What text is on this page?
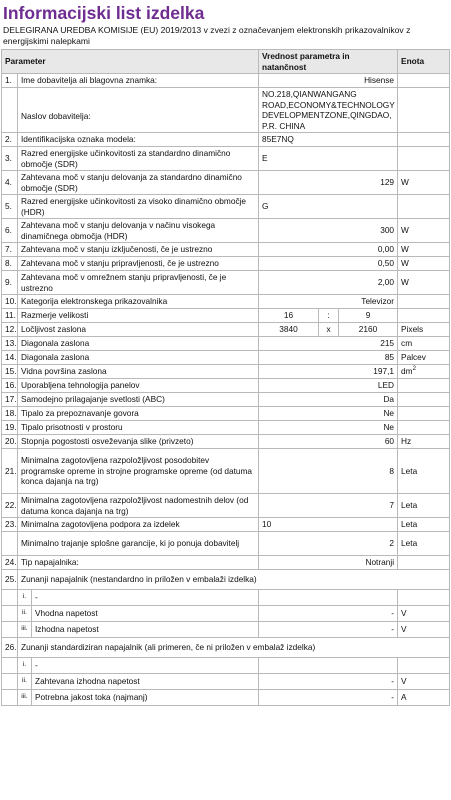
Informacijski list izdelka
DELEGIRANA UREDBA KOMISIJE (EU) 2019/2013 v zvezi z označevanjem elektronskih prikazovalnikov z energijskimi nalepkami
Parameter			Vrednost parametra in natančnost			Enota
1.	Ime dobavitelja ali blagovna znamka:		Hisense			
	Naslov dobavitelja:		NO.218,QIANWANGANG ROAD,ECONOMY&TECHNOLOGY DEVELOPMENTZONE,QINGDAO, P.R. CHINA			
2.	Identifikacijska oznaka modela:		85E7NQ			
3.	Razred energijske učinkovitosti za standardno dinamično območje (SDR)		E			
4.	Zahtevana moč v stanju delovanja za standardno dinamično območje (SDR)		129			W
5.	Razred energijske učinkovitosti za visoko dinamično območje (HDR)		G			
6.	Zahtevana moč v stanju delovanja v načinu visokega dinamičnega območja (HDR)		300			W
7.	Zahtevana moč v stanju izključenosti, če je ustrezno		0,00			W
8.	Zahtevana moč v stanju pripravljenosti, če je ustrezno		0,50			W
9.	Zahtevana moč v omrežnem stanju pripravljenosti, če je ustrezno		2,00			W
10.	Kategorija elektronskega prikazovalnika		Televizor			
11.	Razmerje velikosti		16	:	9	
12.	Ločljivost zaslona		3840	x	2160	Pixels
13.	Diagonala zaslona		215			cm
14.	Diagonala zaslona		85			Palcev
15.	Vidna površina zaslona		197,1			$dm^2$
16.	Uporabljena tehnologija panelov		LED			
17.	Samodejno prilagajanje svetlosti (ABC)		Da			
18.	Tipalo za prepoznavanje govora		Ne			
19.	Tipalo prisotnosti v prostoru		Ne			
20.	Stopnja pogostosti osveževanja slike (privzeto)		60			Hz
21.	Minimalna zagotovljena razpoložljivost posodobitev programske opreme in strojne programske opreme (od datuma konca dajanja na trg)		8			Leta
22.	Minimalna zagotovljena razpoložljivost nadomestnih delov (od datuma konca dajanja na trg)		7			Leta
23.	Minimalna zagotovljena podpora za izdelek		10			Leta
	Minimalno trajanje splošne garancije, ki jo ponuja dobavitelj		2			Leta
24.	Tip napajalnika:		Notranji			
25.	Zunanji napajalnik (nestandardno in priložen v embalaži izdelka)					
	i.	-				
	ii.	Vhodna napetost	-			V
	iii.	Izhodna napetost	-			V
26.	Zunanji standardiziran napajalnik (ali primeren, če ni priložen v embalaž izdelka)					
	i.	-				
	ii.	Zahtevana izhodna napetost	-			V
	iii.	Potrebna jakost toka (najmanj)	-			A
